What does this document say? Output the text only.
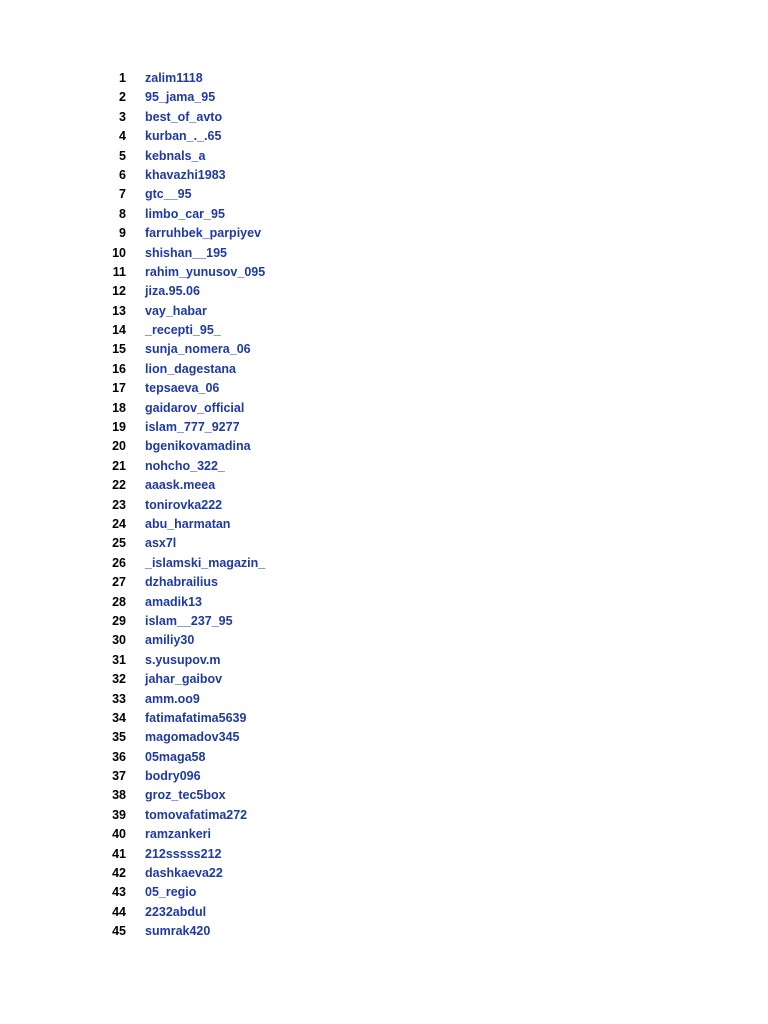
1 zalim1118
2 95_jama_95
3 best_of_avto
4 kurban_._.65
5 kebnals_a
6 khavazhi1983
7 gtc__95
8 limbo_car_95
9 farruhbek_parpiyev
10 shishan__195
11 rahim_yunusov_095
12 jiza.95.06
13 vay_habar
14 _recepti_95_
15 sunja_nomera_06
16 lion_dagestana
17 tepsaeva_06
18 gaidarov_official
19 islam_777_9277
20 bgenikovamadina
21 nohcho_322_
22 aaask.meea
23 tonirovka222
24 abu_harmatan
25 asx7l
26 _islamski_magazin_
27 dzhabrailius
28 amadik13
29 islam__237_95
30 amiliy30
31 s.yusupov.m
32 jahar_gaibov
33 amm.oo9
34 fatimafatima5639
35 magomadov345
36 05maga58
37 bodry096
38 groz_tec5box
39 tomovafatima272
40 ramzankeri
41 212sssss212
42 dashkaeva22
43 05_regio
44 2232abdul
45 sumrak420
